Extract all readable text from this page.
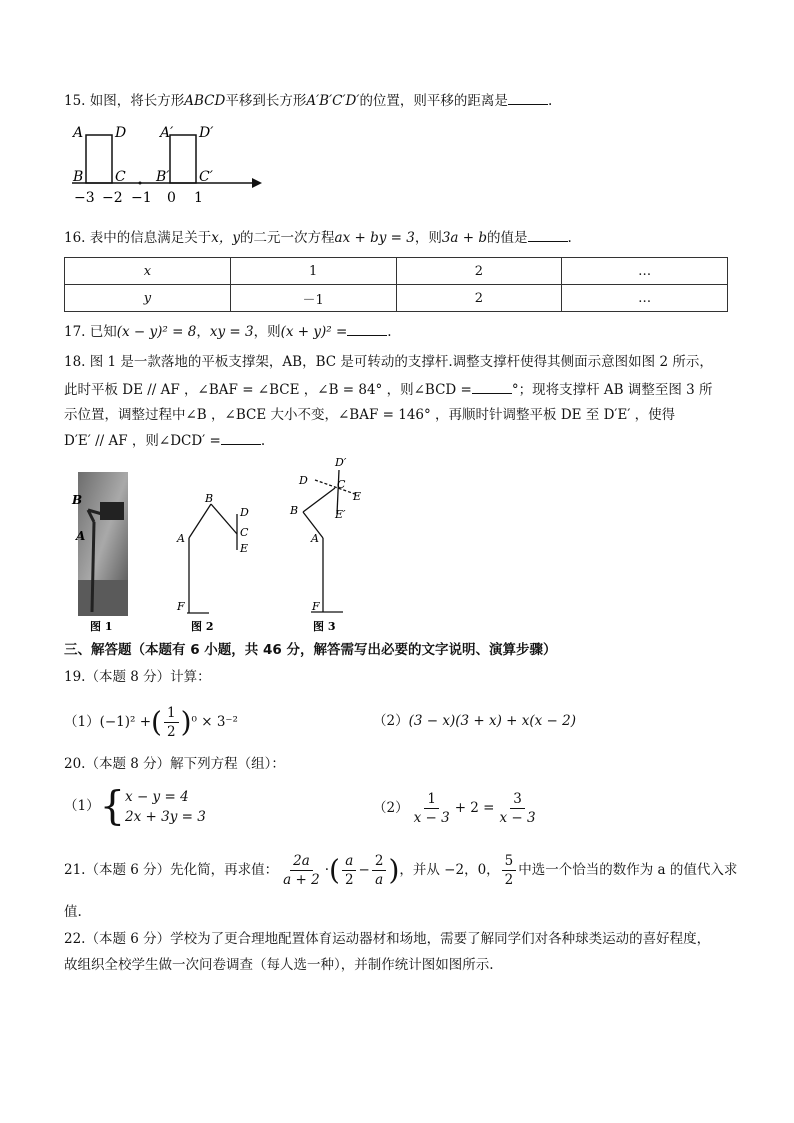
15. 如图，将长方形ABCD平移到长方形A′B′C′D′的位置，则平移的距离是	.
A D
B C
A′ D′
B′ C′
−3 −2 −1 0 1
16. 表中的信息满足关于x，y的二元一次方程ax + by = 3，则3a + b的值是	.
x	1	2	…
y	－1	2	…
17. 已知(x − y)² = 8，xy = 3，则(x + y)² =	.
18. 图 1 是一款落地的平板支撑架，AB，BC 是可转动的支撑杆.调整支撑杆使得其侧面示意图如图 2 所示，
此时平板 DE // AF ，∠BAF = ∠BCE ，∠B = 84° ，则∠BCD =	°；现将支撑杆 AB 调整至图 3 所
示位置，调整过程中∠B ，∠BCE 大小不变，∠BAF = 146° ，再顺时针调整平板 DE 至 D′E′ ，使得
D′E′ // AF ，则∠DCD′ =	.
B
A
图 1
B
A
D
C
E
F
图 2
D′
D	C
E
B	E′
A
F
图 3
三、解答题（本题有 6 小题，共 46 分，解答需写出必要的文字说明、演算步骤）
19.（本题 8 分）计算：
（1）(−1)² +( $\frac{1}{2} )^0 \times 3^{-2}$	（2）(3 − x)(3 + x) + x(x − 2)
20.（本题 8 分）解下列方程（组）：
（1）{ x − y = 4
2x + 3y = 3
$(2) \frac{1}{x - 3} + 2 = \frac{3}{x - 3}$
21.（本题 6 分）先化简，再求值： $\frac{2a}{a + 2}$ ·( $\frac{a}{2} - \frac{2}{a}$ )，并从 −2，0， $\frac{5}{2}$ 中选一个恰当的数作为 a 的值代入求
值.
22.（本题 6 分）学校为了更合理地配置体育运动器材和场地，需要了解同学们对各种球类运动的喜好程度，
故组织全校学生做一次问卷调查（每人选一种），并制作统计图如图所示.
